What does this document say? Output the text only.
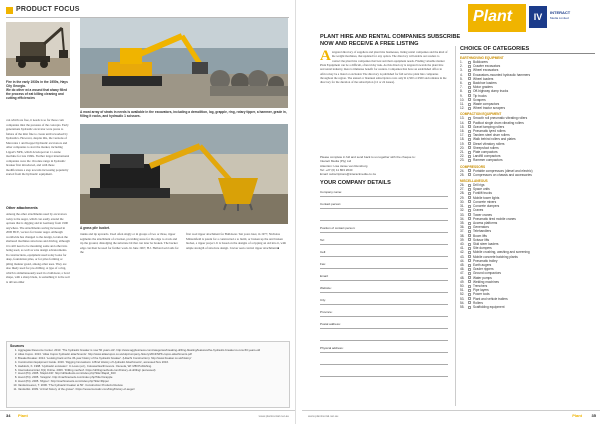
PRODUCT FOCUS
Fire in the early 1930s in the 1950s, Hays City Georgia.
We do other wi a wound that alway filled the process of eat killing cleaning and cutting efficiencies
A most array of strats in needs is available in the excavators, including a demolition, log, grapple, ring, rotary tipper, a hammer, grade in, filling it rocks, and hydraulic 1 scissors.
can which are free, it needs is so far those com companies mist the pressure of the concepts. Early generations hydraulic excavator were prone to failure of the mist fine to create until reworked by hydraulics. However, despite this, the versions of Mercedes 1 and Koppel hydraulic excavators and other companies to start the market, including Lippel's NPK, which developed an 11-tonne machine for late 1960s. Further larger international companies were the 10-tonne range in hydraulic breaker first introduced, and with these modifications a step towards increasing popularity started from the hydraulic equipment.
Other attachments
Among the other attachments used by excavators today is the auger, which can easily extend the options that is digging and in Germany from 1990 anywhere. The Attachments saving increased in 2000 BCE, vectors for busier auger. Although worldwide has changed to the design, location the sheltered machines structures and driving, although it is still need to be mounting some and other into being used, as well as wire design advancements. In constructions, equipment used today looks for deep, foundation piles, or for piles forming or piling manner geoid, among other uses. They are also likely used for pre-drilling. A type of a ring, which is simultaneously used in a bulldozer, a bowl shape, with a sharp blade, is something it is the soil is driven either
A grass pile bucket.
trunks and tip upwards. Used often singly or in groups of two or three, ripper segments the attachment of a bucket, providing areas for the edge to crack and rip the ground, dislodging the substrate bit that can later be broken. The bucket edge can then be used for further work. In June 1967, H.J. Halbard sold aids for the
first road ripper attachment for Bulldozer. Ten years later, in 1977, Nicholas Mitstenfield is patent for a constructed a to build, or broken up the and broken bucket, a ripper project. It is based on the designs of a ripping an old into it, with ample strength of structure design. I never seen control ripper attachment ■
Sources
1. Aggregate Resource Center. 2013. 'The hydraulic breaker is now 50 years old'. http://www.aggbusiness.com/categories/breaking-drilling-blasting/features/the-hydraulic-breaker-is-now-50-years-old
2. Atlas Copco. 2013. 'Atlas Copco hydraulic attachments'. http://www.atlascopco.co.uk/ukp/company-history/2013/NPK-copco-attachments.pdf
3. Breakerbreaker. 2014. 'Looking back at the 45-year history of the hydraulic breaker'. (Hitachi Construction). http://www.breaker.co.uk/history/
4. Construction Equipment Guide. 2016. 'Digging Innovations: A Brief History of Hydraulic Attachments', accessed Nov 2016.
5. Haddock, K. 1998. 'Hydraulic excavator'. In Lowe (ed.), Colossal Earthmovers. Osceola, WI: MBI Publishing.
6. International Ariel, 8(1) Online. 2006. 'Drilling method'. https://drillingmethods.com/history-of-drilling/ (accessed)
7. Hood (Pit). 2005. 'Rapid drill'. http://drilledtools.com/index.php?title=Rapid_Drill
8. Hood (Pit). 2005. 'Grapple'. http://machinetools.com/index.php?title=Grapple
9. Hood (Pit). 2005. 'Ripper'. http://machinetools.com/index.php?title=Ripper
10. Vandermeeren, T. 2006. 'The hydraulic breaker at 50'. Construction Products Review.
11. Vanderlist. 2009. 'A brief history of the graver'. https://resourcematic.com/blog/history-of-auger/
34 Plant	www.plantrental.net.au
Plant	IV	INTERACT
Media Limited
PLANT HIRE AND RENTAL COMPANIES SUBSCRIBE NOW AND RECEIVE A FREE LISTING
A targeted directory of suppliers and plant hire businesses, listing rental companies and the kind of the weight machines, that updated for any option. The directory will enable our readers to contact the plant hire companies that best suit their equipment needs. Finding valuable market Plant Equipment can be a difficult, often tricky task. As this directory is targeted towards the plant hire and rental industry, there is immense benefit for readers. Companies that have an established office in Africa may be a listed or excluded. The directory is published for full service plant hire companies throughout the region. The annual or biannual subscription costs only R 2,500 or €500 and remains in the directory for the duration of the subscription (12 or 24 issues).
Please complete in full and send back to us together with the cheque to:
Interact Media (Pty) Ltd
Attention: Lisa Janse van Rensburg
Tel: +27 (0) 11 803 2040
Email: subscriptions@interactmedia.co.za
YOUR COMPANY DETAILS
Company name:
Contact person:
Position of contact person:
Tel:
Cell:
Fax:
Email:
Website:
City:
Province:
Postal address:
Physical address:
CHOICE OF CATEGORIES
EARTHMOVING EQUIPMENT
1.	Bulldozers
2.	Crawler excavators
3.	Wheel excavators
4.	Excavators-mounted hydraulic hammers
5.	Wheel loaders
6.	Backhoe loaders
7.	Motor graders
8.	Off-highway dump trucks
9.	Tip trucks
10.	Scrapers
11.	Waste compactors
12.	Wheel tractor scrapers
COMPACTION EQUIPMENT
13.	Smooth roll pneumatic vibrating rollers
14.	Padfoot single drum vibrating rollers
15.	Gravel tamping rollers
16.	Pneumatic tyred rollers
17.	Tandem steel drum rollers
18.	Walk behind rollers and plates
19.	Diesel vibratory rollers
20.	Sheepsfoot rollers
21.	Plate compactors
22.	Landfill compactors
23.	Rammer compactors
COMPRESSORS
24.	Portable compressors (diesel and electric)
25.	Compressors on chassis and accessories
MISCELLANEOUS
26.	Drill rigs
27.	Space units
28.	Forklift trucks
29.	Mobile tower lights
30.	Concrete mixers
31.	Concrete dumpers
32.	Cranes
33.	Tower cranes
34.	Pneumatic tired mobile cranes
35.	Access platforms
36.	Generators
37.	Telehandlers
38.	Boom lifts
39.	Scissor lifts
40.	Skid steer loaders
41.	Site dumpers
42.	Mobile crushing, washing and screening
43.	Mobile concrete batching plants
44.	Pneumatic trolley
45.	Earth augers
46.	Grader rippers
47.	Ground compactors
48.	Water pumps
49.	Welding machines
50.	Trenchers
51.	Pipe layers
52.	Power tools
53.	Plant and vehicle trailers
54.	Rollers
55.	Scaffolding equipment
www.plantrental.net.au	Plant 35
